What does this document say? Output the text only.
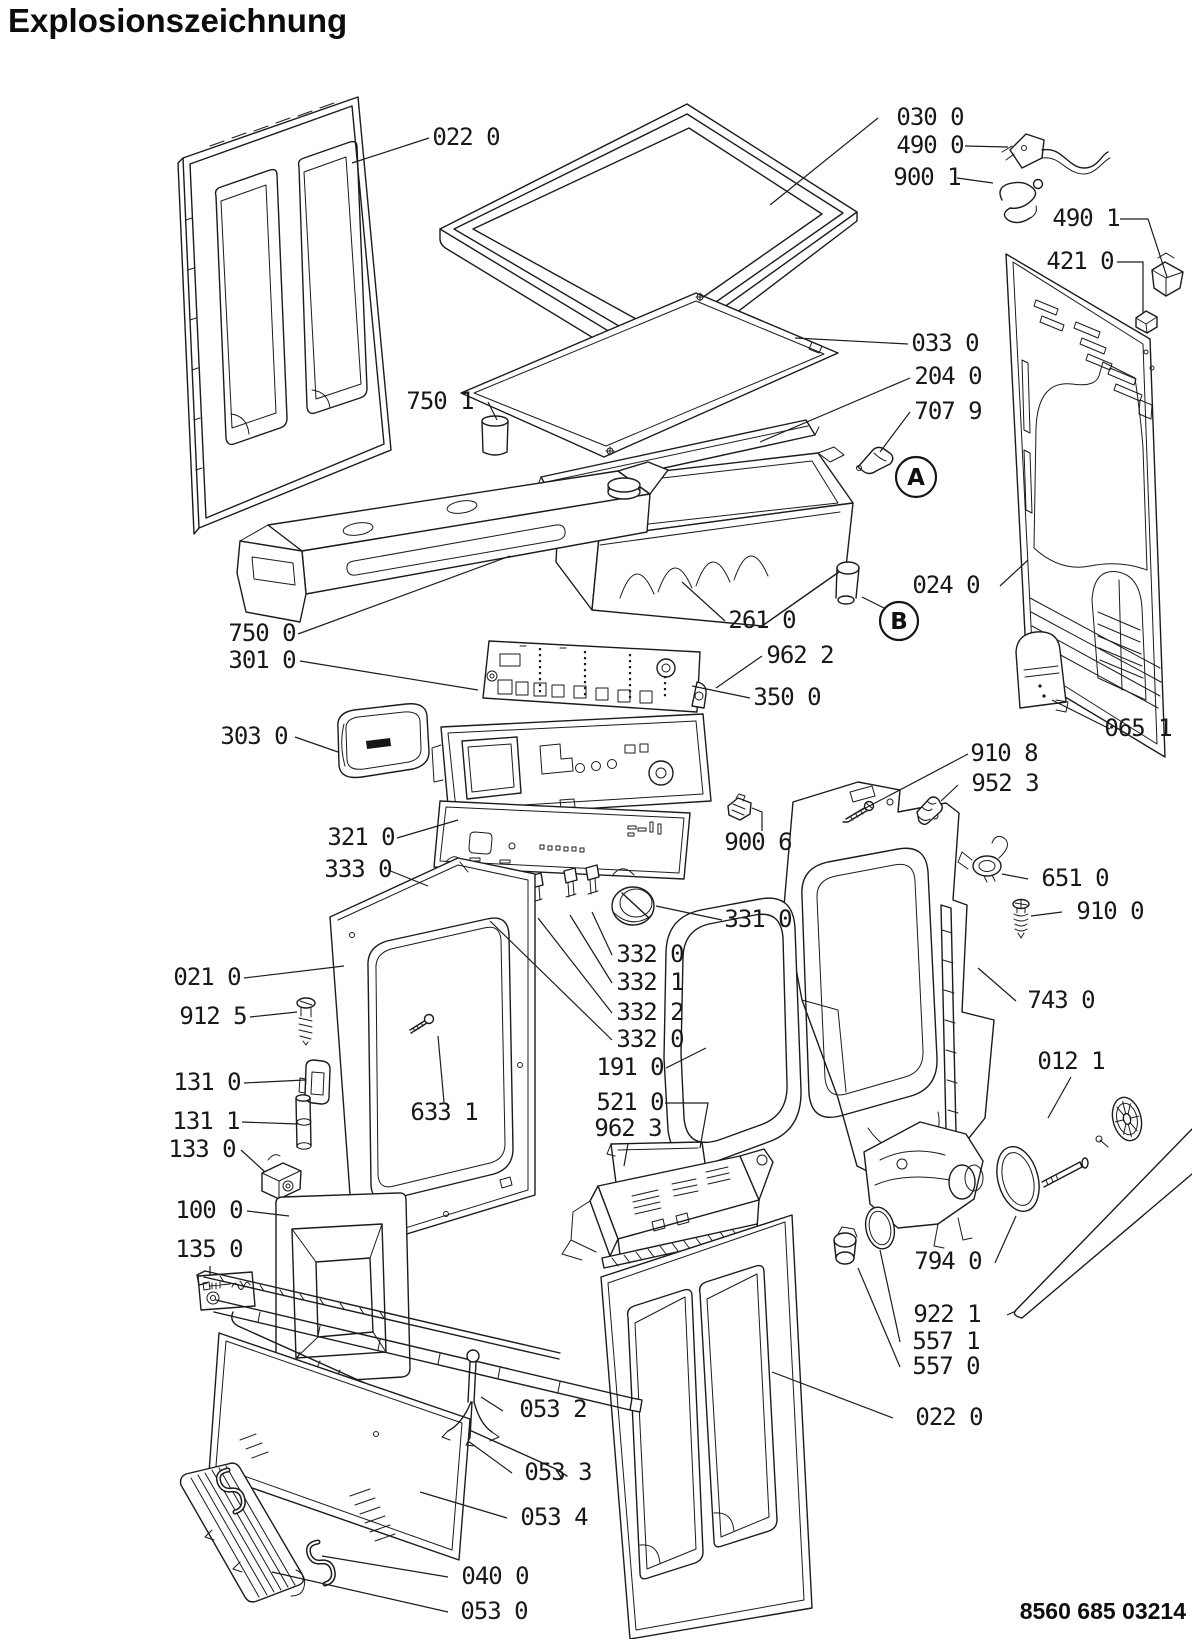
A
B
022 0
030 0
490 0
900 1
490 1
421 0
033 0
204 0
707 9
024 0
065 1
750 1
750 0
301 0
303 0
261 0
962 2
350 0
910 8
952 3
900 6
651 0
910 0
321 0
333 0
331 0
332 0
332 1
332 2
332 0
021 0
912 5
743 0
012 1
131 0
633 1
131 1
133 0
191 0
521 0
962 3
100 0
135 0	794 0
922 1
557 1
557 0
022 0
053 2
053 3
053 4
040 0
053 0
Explosionszeichnung
8560 685 03214
